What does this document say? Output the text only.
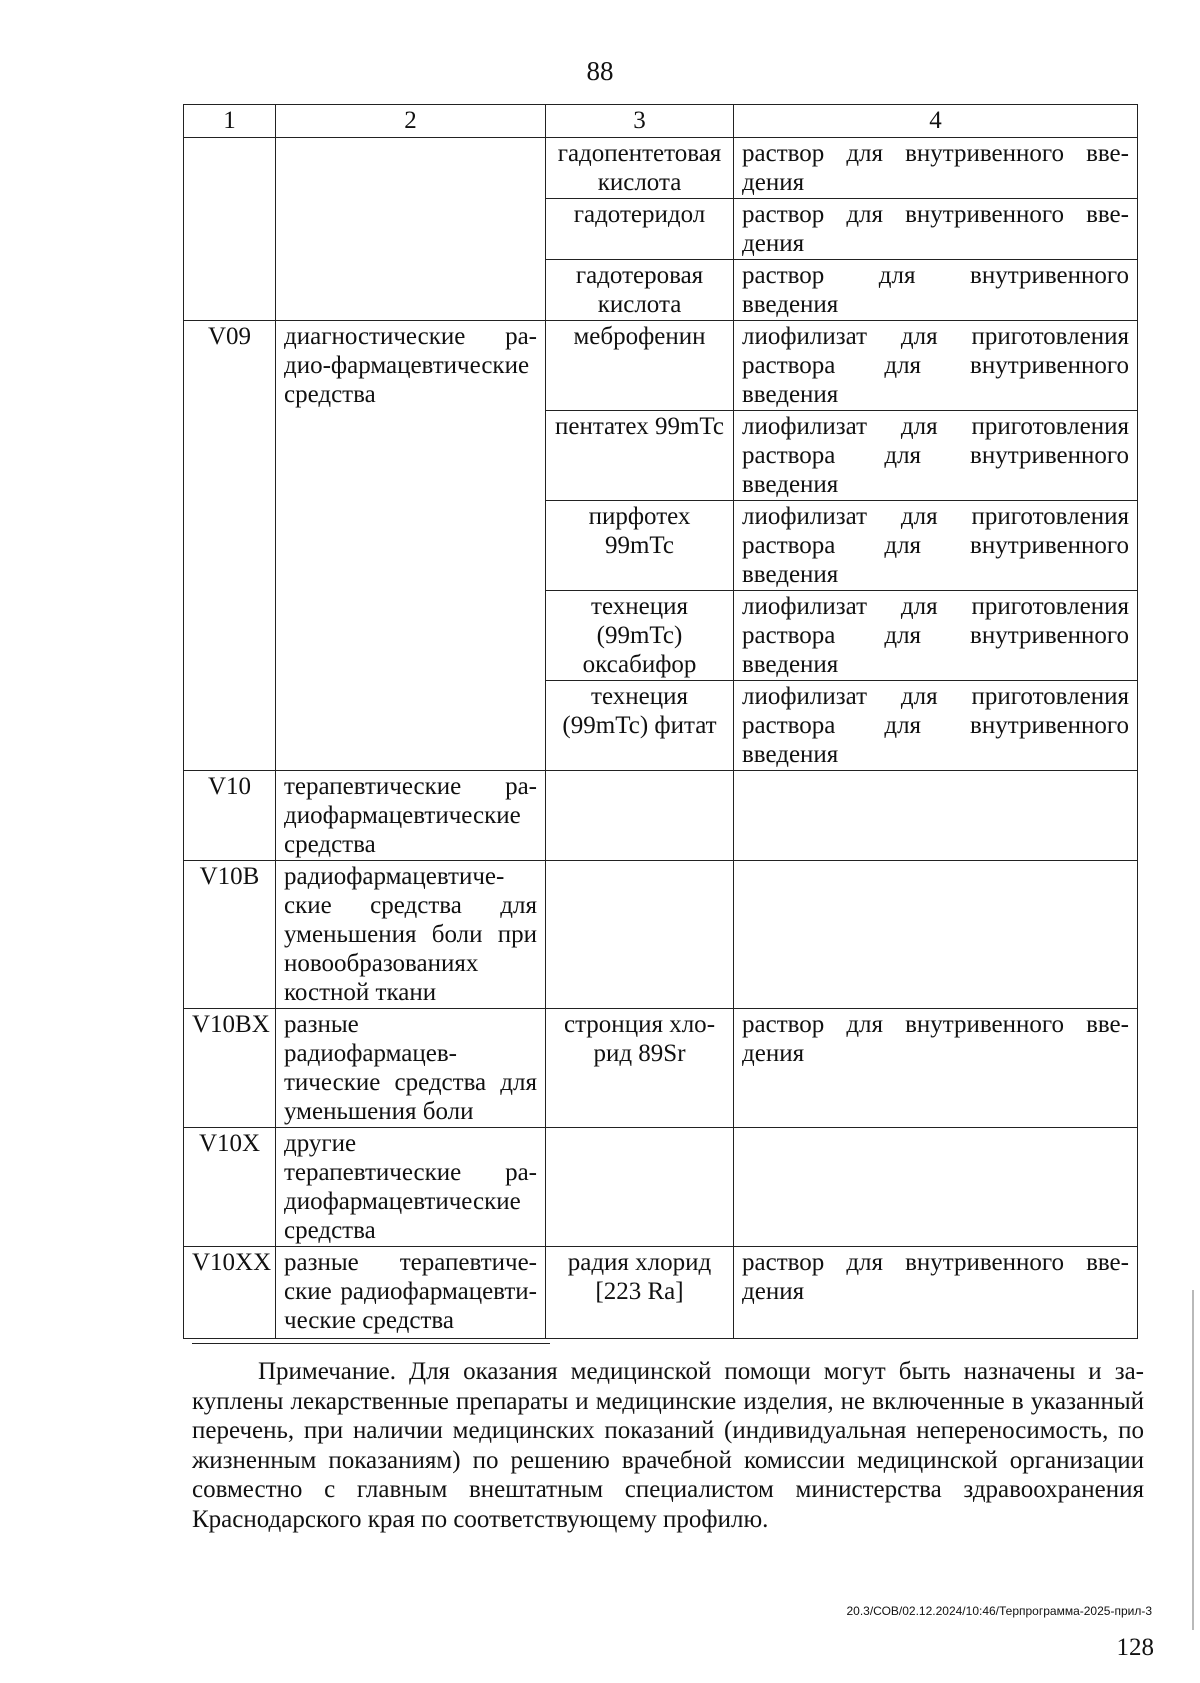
88
1	2	3	4
		гадопентетовая кислота	раствор для внутривенного введения
		гадотеридол	раствор для внутривенного введения
		гадотеровая кислота	раствор для внутривенного введения
V09	диагностические радио-фармацевтические средства	меброфенин	лиофилизат для приготовления раствора для внутривенного введения
		пентатех 99mTc	лиофилизат для приготовления раствора для внутривенного введения
		пирфотех 99mTc	лиофилизат для приготовления раствора для внутривенного введения
		технеция (99mTc) оксабифор	лиофилизат для приготовления раствора для внутривенного введения
		технеция (99mTc) фитат	лиофилизат для приготовления раствора для внутривенного введения
V10	терапевтические радиофармацевтические средства		
V10B	радиофармацевтические средства для уменьшения боли при новообразованиях костной ткани		
V10BX	разные радиофармацевтические средства для уменьшения боли	стронция хлорид 89Sr	раствор для внутривенного введения
V10X	другие терапевтические радиофармацевтические средства		
V10XX	разные терапевтические радиофармацевтические средства	радия хлорид [223 Ra]	раствор для внутривенного введения
Примечание. Для оказания медицинской помощи могут быть назначены и закуплены лекарственные препараты и медицинские изделия, не включенные в указанный перечень, при наличии медицинских показаний (индивидуальная непереносимость, по жизненным показаниям) по решению врачебной комиссии медицинской организации совместно с главным внештатным специалистом министерства здравоохранения Краснодарского края по соответствующему профилю.
20.3/СОВ/02.12.2024/10:46/Терпрограмма-2025-прил-3
128
